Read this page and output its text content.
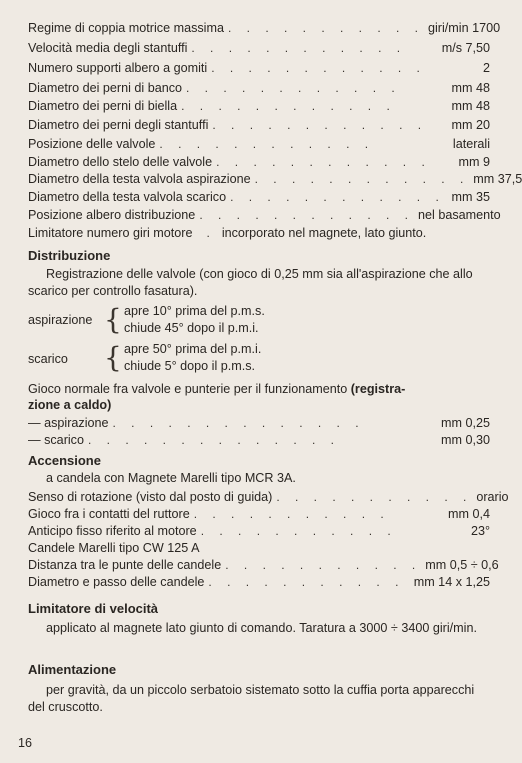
Regime di coppia motrice massima . . . . . . . . . . . giri/min 1700
Velocità media degli stantuffi . . . . . . . . . . . .	m/s 7,50
Numero supporti albero a gomiti . . . . . . . . . . . .	2
Diametro dei perni di banco . . . . . . . . . . . .	mm 48
Diametro dei perni di biella . . . . . . . . . . . .	mm 48
Diametro dei perni degli stantuffi . . . . . . . . . . . .	mm 20
Posizione delle valvole . . . . . . . . . . . .	laterali
Diametro dello stelo delle valvole . . . . . . . . . . . .	mm 9
Diametro della testa valvola aspirazione . . . . . . . . . . . . mm 37,5
Diametro della testa valvola scarico . . . . . . . . . . . . mm 35
Posizione albero distribuzione . . . . . . . . . . . . nel basamento
Limitatore numero giri motore . incorporato nel magnete, lato giunto.
Distribuzione
Registrazione delle valvole (con gioco di 0,25 mm sia all'aspirazione che allo scarico per controllo fasatura).
aspirazione { apre 10° prima del p.m.s.
chiude 45° dopo il p.m.i.
scarico { apre 50° prima del p.m.i.
chiude 5° dopo il p.m.s.
Gioco normale fra valvole e punterie per il funzionamento (registra-
zione a caldo)
— aspirazione . . . . . . . . . . . . . .	mm 0,25
— scarico . . . . . . . . . . . . . .	mm 0,30
Accensione
a candela con Magnete Marelli tipo MCR 3A.
Senso di rotazione (visto dal posto di guida) . . . . . . . . . . . orario
Gioco fra i contatti del ruttore . . . . . . . . . . .	mm 0,4
Anticipo fisso riferito al motore . . . . . . . . . . .	23°
Candele Marelli tipo CW 125 A
Distanza tra le punte delle candele . . . . . . . . . . . mm 0,5 ÷ 0,6
Diametro e passo delle candele . . . . . . . . . . . mm 14 x 1,25
Limitatore di velocità
applicato al magnete lato giunto di comando. Taratura a 3000 ÷ 3400 giri/min.
Alimentazione
per gravità, da un piccolo serbatoio sistemato sotto la cuffia porta apparecchi del cruscotto.
16
